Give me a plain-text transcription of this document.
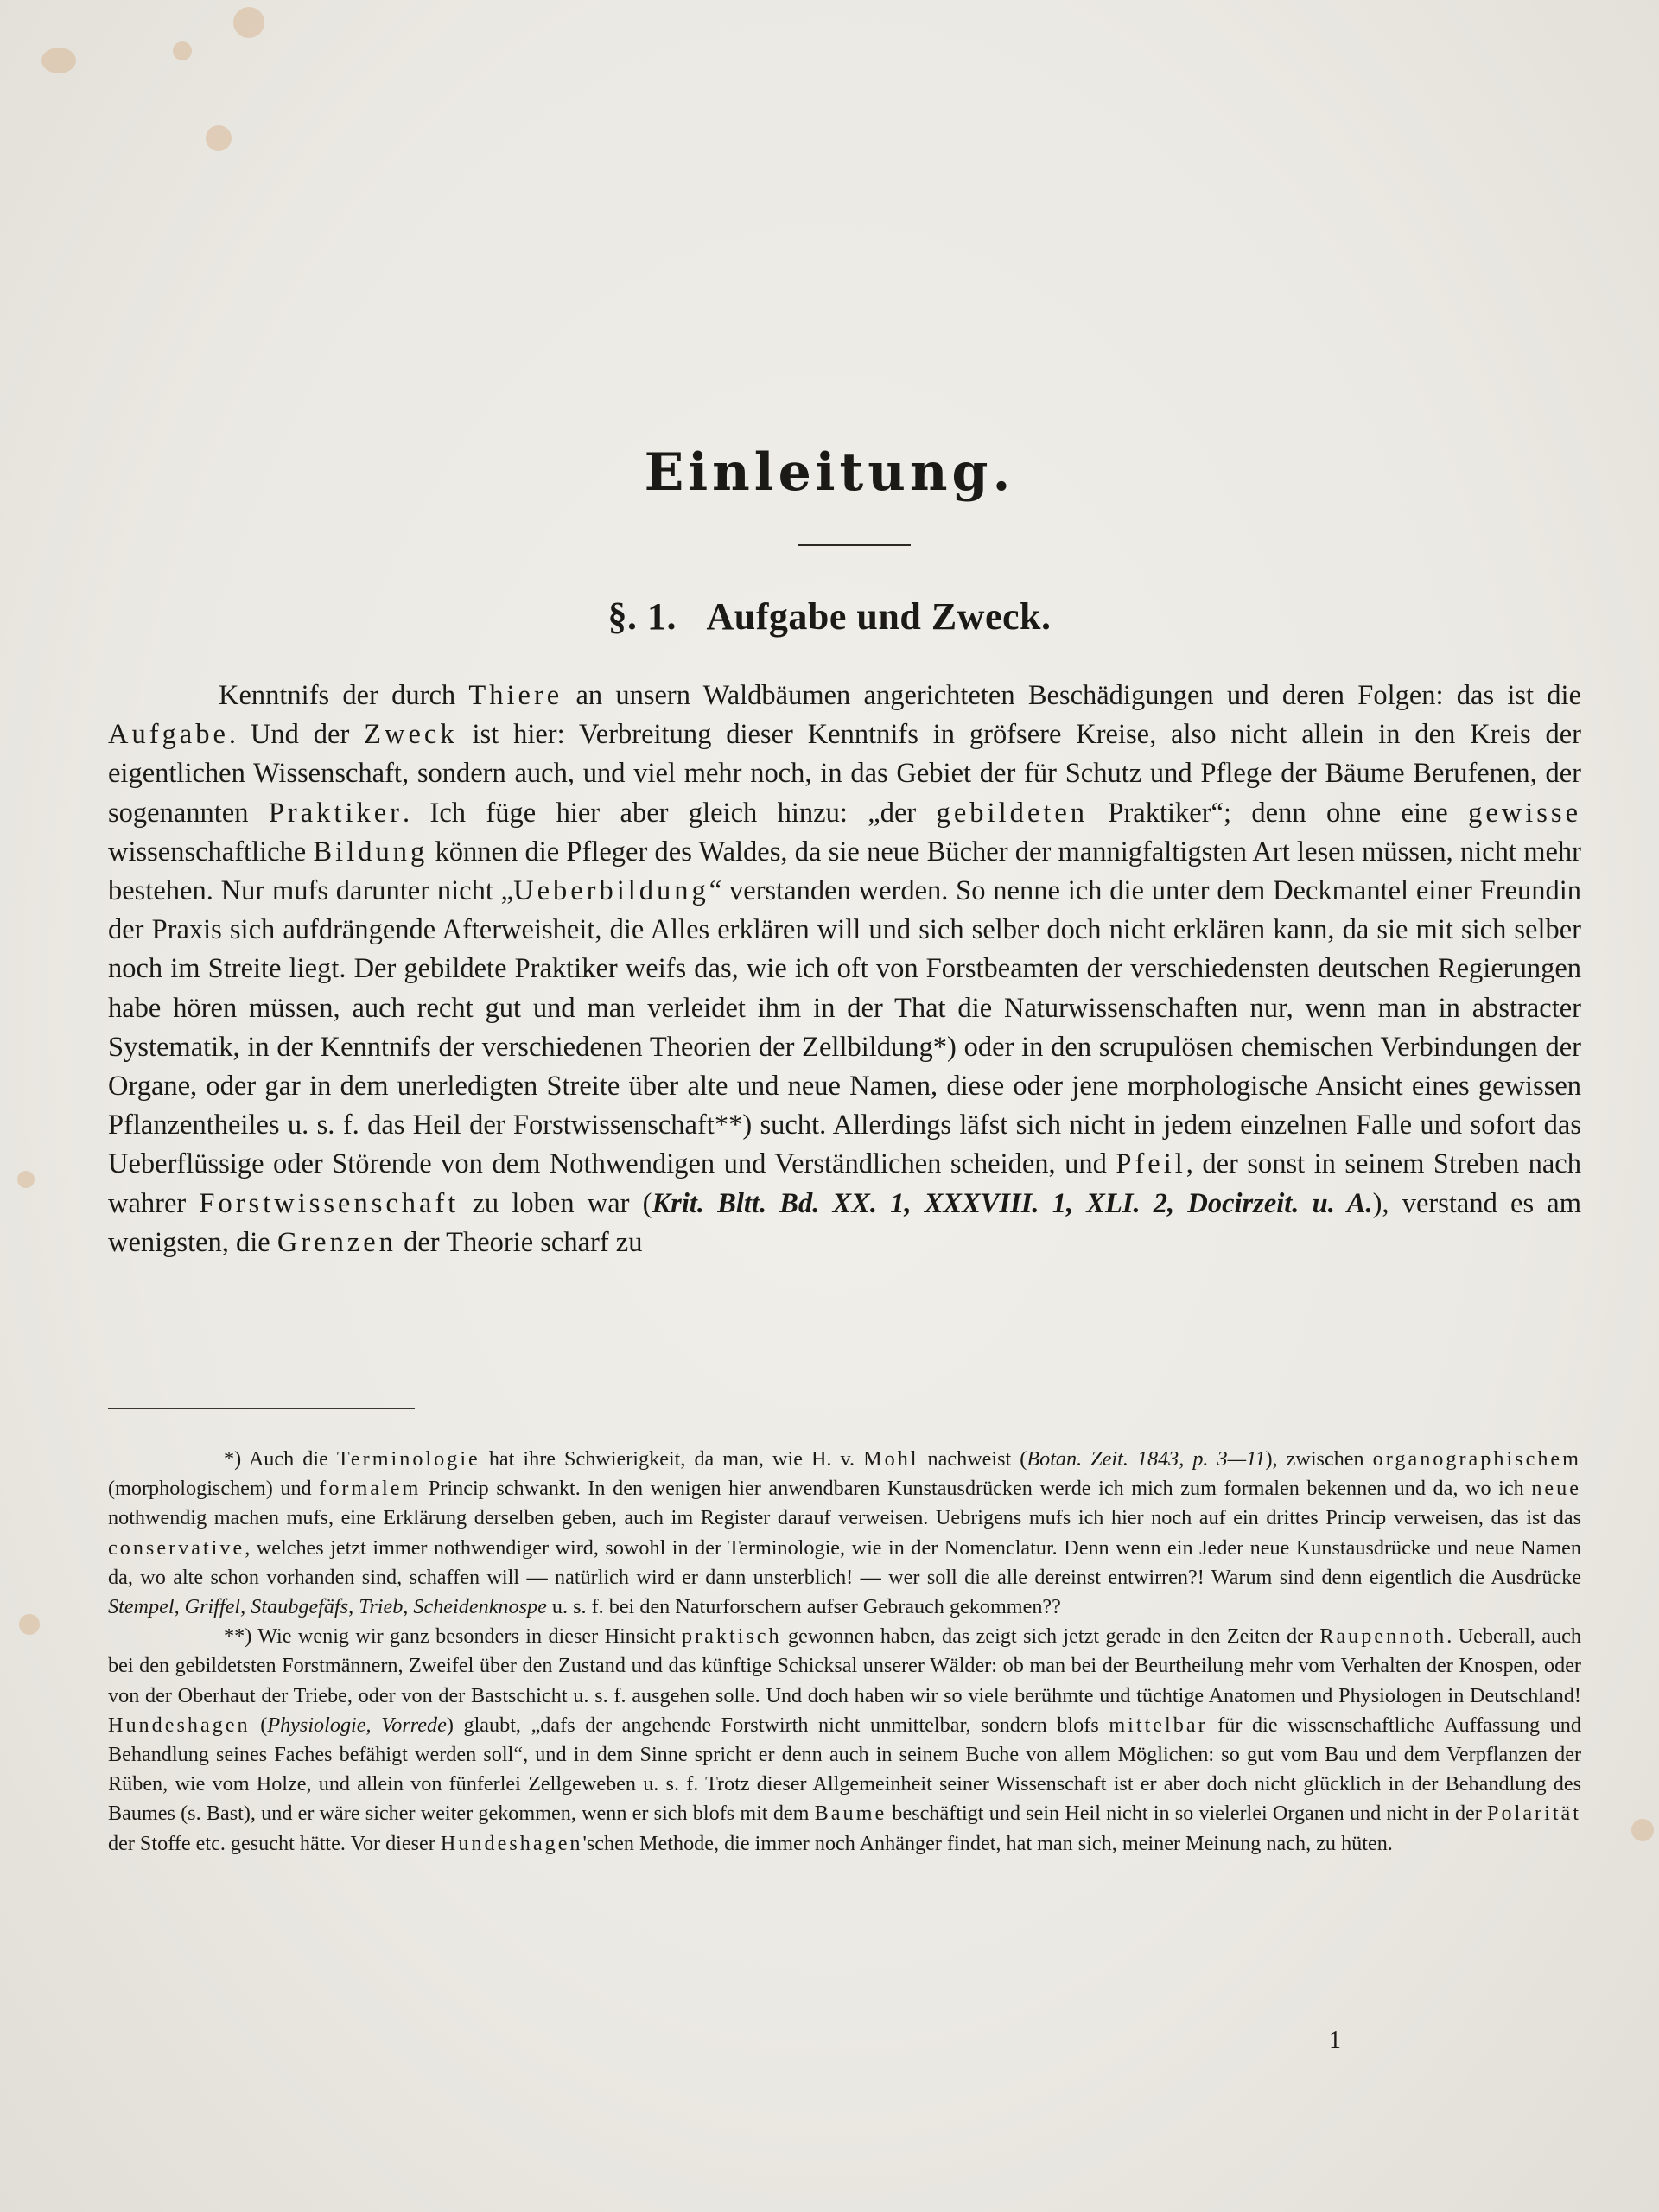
Einleitung.
§. 1. Aufgabe und Zweck.

Kenntnifs der durch Thiere an unsern Waldbäumen angerichteten Beschädigungen und deren Folgen: das ist die Aufgabe. Und der Zweck ist hier: Verbreitung dieser Kenntnifs in gröfsere Kreise, also nicht allein in den Kreis der eigentlichen Wissenschaft, sondern auch, und viel mehr noch, in das Gebiet der für Schutz und Pflege der Bäume Berufenen, der sogenannten Praktiker. Ich füge hier aber gleich hinzu: „der gebildeten Praktiker“; denn ohne eine gewisse wissenschaftliche Bildung können die Pfleger des Waldes, da sie neue Bücher der mannigfaltigsten Art lesen müssen, nicht mehr bestehen. Nur mufs darunter nicht „Ueberbildung“ verstanden werden. So nenne ich die unter dem Deckmantel einer Freundin der Praxis sich aufdrängende Afterweisheit, die Alles erklären will und sich selber doch nicht erklären kann, da sie mit sich selber noch im Streite liegt. Der gebildete Praktiker weifs das, wie ich oft von Forstbeamten der verschiedensten deutschen Regierungen habe hören müssen, auch recht gut und man verleidet ihm in der That die Naturwissenschaften nur, wenn man in abstracter Systematik, in der Kenntnifs der verschiedenen Theorien der Zellbildung*) oder in den scrupulösen chemischen Verbindungen der Organe, oder gar in dem unerledigten Streite über alte und neue Namen, diese oder jene morphologische Ansicht eines gewissen Pflanzentheiles u. s. f. das Heil der Forstwissenschaft**) sucht. Allerdings läfst sich nicht in jedem einzelnen Falle und sofort das Ueberflüssige oder Störende von dem Nothwendigen und Verständlichen scheiden, und Pfeil, der sonst in seinem Streben nach wahrer Forstwissenschaft zu loben war (Krit. Bltt. Bd. XX. 1, XXXVIII. 1, XLI. 2, Docirzeit. u. A.), verstand es am wenigsten, die Grenzen der Theorie scharf zu

*) Auch die Terminologie hat ihre Schwierigkeit, da man, wie H. v. Mohl nachweist (Botan. Zeit. 1843, p. 3—11), zwischen organographischem (morphologischem) und formalem Princip schwankt. In den wenigen hier anwendbaren Kunstausdrücken werde ich mich zum formalen bekennen und da, wo ich neue nothwendig machen mufs, eine Erklärung derselben geben, auch im Register darauf verweisen. Uebrigens mufs ich hier noch auf ein drittes Princip verweisen, das ist das conservative, welches jetzt immer nothwendiger wird, sowohl in der Terminologie, wie in der Nomenclatur. Denn wenn ein Jeder neue Kunstausdrücke und neue Namen da, wo alte schon vorhanden sind, schaffen will — natürlich wird er dann unsterblich! — wer soll die alle dereinst entwirren?! Warum sind denn eigentlich die Ausdrücke Stempel, Griffel, Staubgefäfs, Trieb, Scheidenknospe u. s. f. bei den Naturforschern aufser Gebrauch gekommen??

**) Wie wenig wir ganz besonders in dieser Hinsicht praktisch gewonnen haben, das zeigt sich jetzt gerade in den Zeiten der Raupennoth. Ueberall, auch bei den gebildetsten Forstmännern, Zweifel über den Zustand und das künftige Schicksal unserer Wälder: ob man bei der Beurtheilung mehr vom Verhalten der Knospen, oder von der Oberhaut der Triebe, oder von der Bastschicht u. s. f. ausgehen solle. Und doch haben wir so viele berühmte und tüchtige Anatomen und Physiologen in Deutschland! Hundeshagen (Physiologie, Vorrede) glaubt, „dafs der angehende Forstwirth nicht unmittelbar, sondern blofs mittelbar für die wissenschaftliche Auffassung und Behandlung seines Faches befähigt werden soll“, und in dem Sinne spricht er denn auch in seinem Buche von allem Möglichen: so gut vom Bau und dem Verpflanzen der Rüben, wie vom Holze, und allein von fünferlei Zellgeweben u. s. f. Trotz dieser Allgemeinheit seiner Wissenschaft ist er aber doch nicht glücklich in der Behandlung des Baumes (s. Bast), und er wäre sicher weiter gekommen, wenn er sich blofs mit dem Baume beschäftigt und sein Heil nicht in so vielerlei Organen und nicht in der Polarität der Stoffe etc. gesucht hätte. Vor dieser Hundeshagen'schen Methode, die immer noch Anhänger findet, hat man sich, meiner Meinung nach, zu hüten.

1
